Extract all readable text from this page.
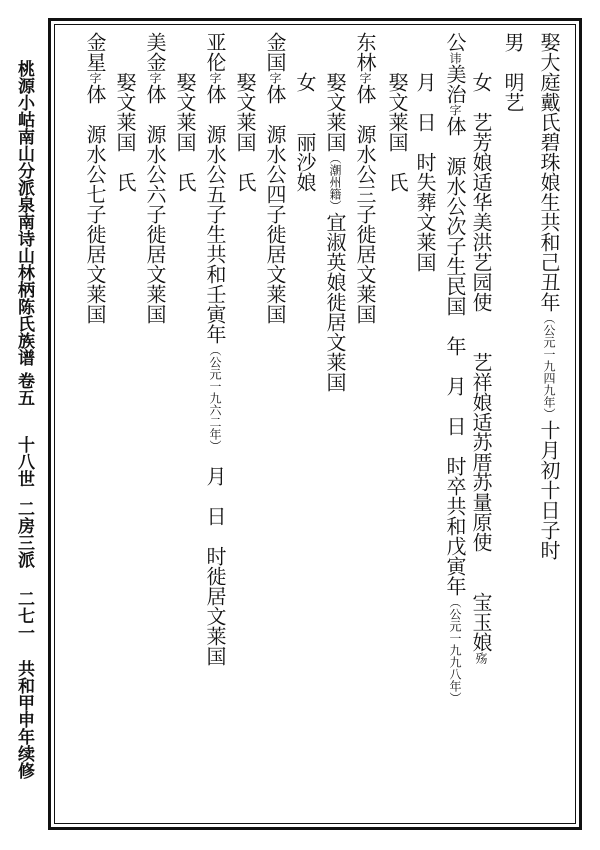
桃源小岵南山分派泉南诗山林柄陈氏族谱
卷五
十八世
二房三派
二七一
共和甲申年续修
娶大庭戴氏碧珠娘生共和己丑年（公元一九四九年）十月初十日子时
男　明艺
女　艺芳娘适华美洪艺园使　　艺祥娘适苏厝苏量原使　　宝玉娘殇
公讳美治字体　源水公次子生民国　年　月　日　时卒共和戊寅年（公元一九九八年）
月　日　时失葬文莱国
娶文莱国　氏
东林字体　源水公三子徙居文莱国
娶文莱国（潮州籍）宜淑英娘徙居文莱国
女　　丽沙娘
金国字体　源水公四子徙居文莱国
娶文莱国　氏
亚伦字体　源水公五子生共和壬寅年（公元一九六二年）　月　日　时徙居文莱国
娶文莱国　氏
美金字体　源水公六子徙居文莱国
娶文莱国　氏
金星字体　源水公七子徙居文莱国
